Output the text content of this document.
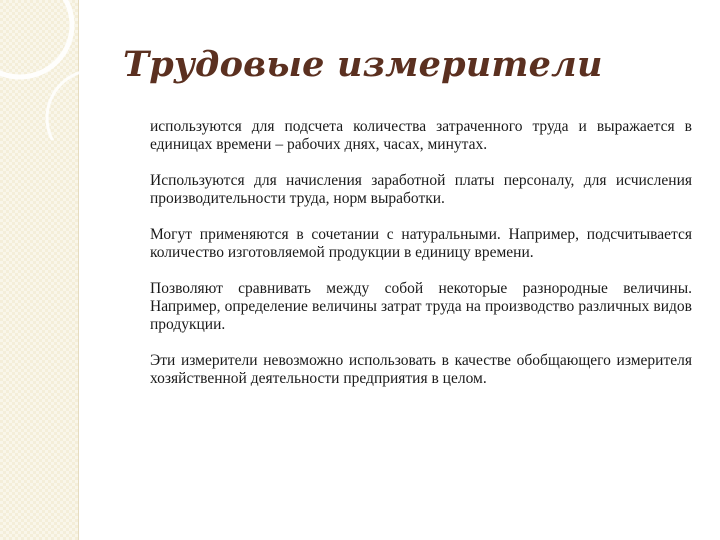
Трудовые измерители

используются для подсчета количества затраченного труда и выражается в единицах времени – рабочих днях, часах, минутах.

Используются для начисления заработной платы персоналу, для исчисления производительности труда, норм выработки.

Могут применяются в сочетании с натуральными. Например, подсчитывается количество изготовляемой продукции в единицу времени.

Позволяют сравнивать между собой некоторые разнородные величины. Например, определение величины затрат труда на производство различных видов продукции.

Эти измерители невозможно использовать в качестве обобщающего измерителя хозяйственной деятельности предприятия в целом.
